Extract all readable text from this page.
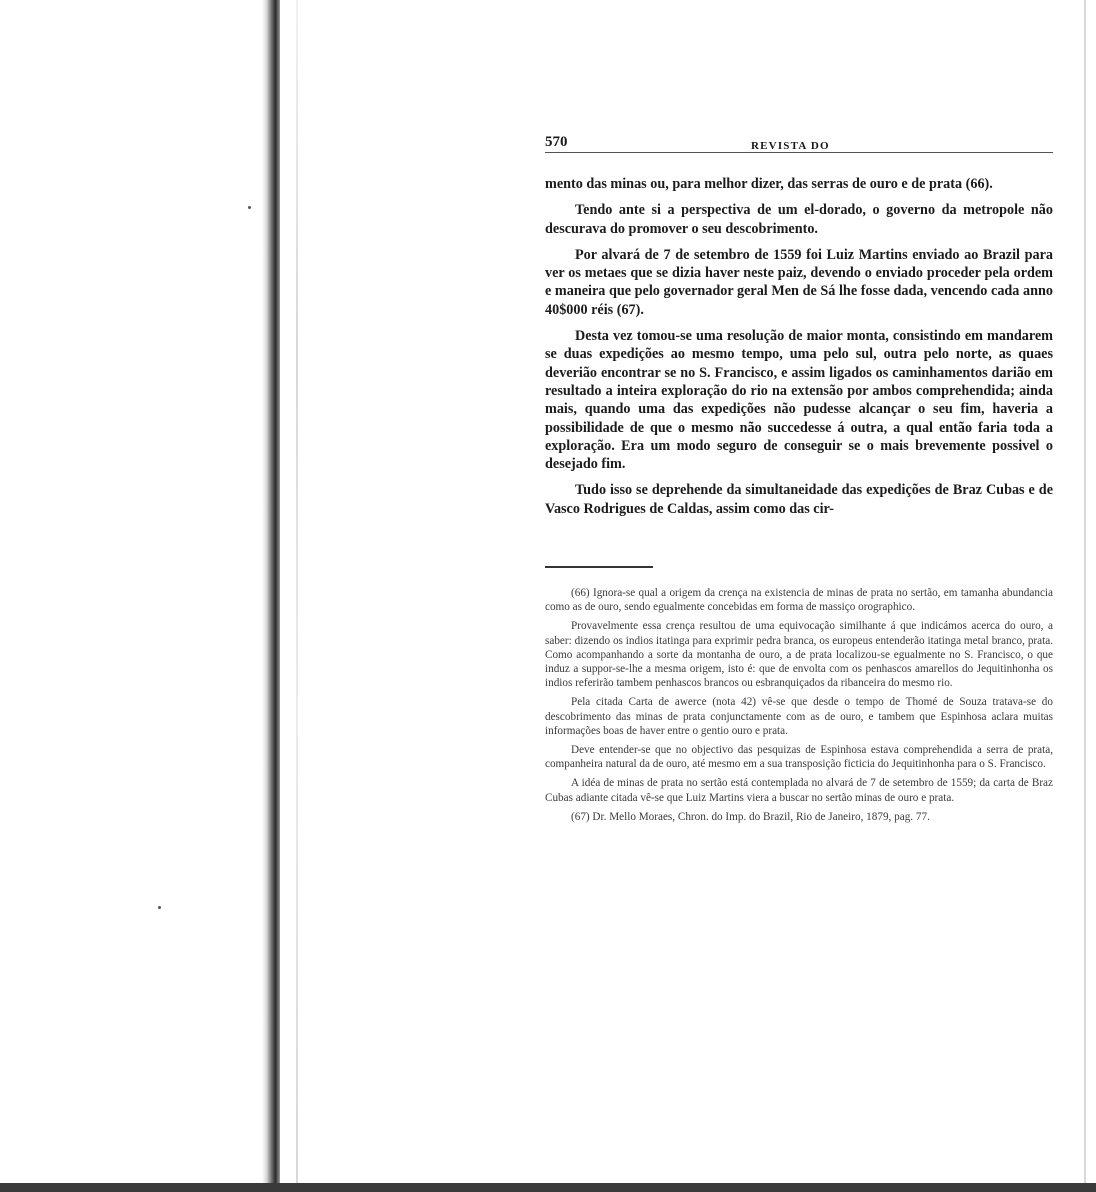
570	REVISTA DO

mento das minas ou, para melhor dizer, das serras de ouro e de prata (66).

Tendo ante si a perspectiva de um el-dorado, o governo da metropole não descurava do promover o seu descobrimento.

Por alvará de 7 de setembro de 1559 foi Luiz Martins enviado ao Brazil para ver os metaes que se dizia haver neste paiz, devendo o enviado proceder pela ordem e maneira que pelo governador geral Men de Sá lhe fosse dada, vencendo cada anno 40$000 réis (67).

Desta vez tomou-se uma resolução de maior monta, consistindo em mandarem se duas expedições ao mesmo tempo, uma pelo sul, outra pelo norte, as quaes deverião encontrar se no S. Francisco, e assim ligados os caminhamentos darião em resultado a inteira exploração do rio na extensão por ambos comprehendida; ainda mais, quando uma das expedições não pudesse alcançar o seu fim, haveria a possibilidade de que o mesmo não succedesse á outra, a qual então faria toda a exploração. Era um modo seguro de conseguir se o mais brevemente possivel o desejado fim.

Tudo isso se deprehende da simultaneidade das expedições de Braz Cubas e de Vasco Rodrigues de Caldas, assim como das cir-

(66) Ignora-se qual a origem da crença na existencia de minas de prata no sertão, em tamanha abundancia como as de ouro, sendo egualmente concebidas em forma de massiço orographico.

Provavelmente essa crença resultou de uma equivocação similhante á que indicámos acerca do ouro, a saber: dizendo os indios itatinga para exprimir pedra branca, os europeus entenderão itatinga metal branco, prata. Como acompanhando a sorte da montanha de ouro, a de prata localizou-se egualmente no S. Francisco, o que induz a suppor-se-lhe a mesma origem, isto é: que de envolta com os penhascos amarellos do Jequitinhonha os indios referirão tambem penhascos brancos ou esbranquiçados da ribanceira do mesmo rio.

Pela citada Carta de awerce (nota 42) vê-se que desde o tempo de Thomé de Souza tratava-se do descobrimento das minas de prata conjunctamente com as de ouro, e tambem que Espinhosa aclara muitas informações boas de haver entre o gentio ouro e prata.

Deve entender-se que no objectivo das pesquizas de Espinhosa estava comprehendida a serra de prata, companheira natural da de ouro, até mesmo em a sua transposição ficticia do Jequitinhonha para o S. Francisco.

A idéa de minas de prata no sertão está contemplada no alvará de 7 de setembro de 1559; da carta de Braz Cubas adiante citada vê-se que Luiz Martins viera a buscar no sertão minas de ouro e prata.

(67) Dr. Mello Moraes, Chron. do Imp. do Brazil, Rio de Janeiro, 1879, pag. 77.
